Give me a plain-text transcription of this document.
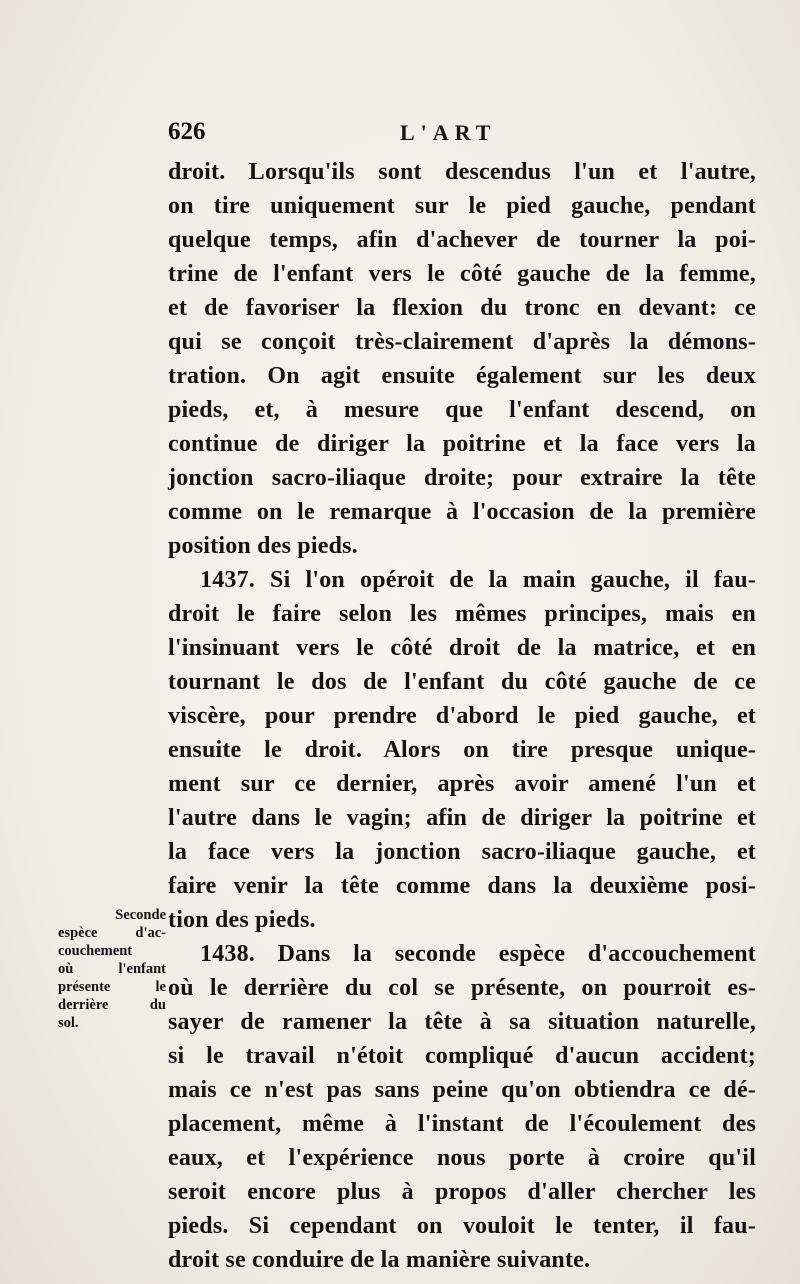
626	L'ART
droit. Lorsqu'ils sont descendus l'un et l'autre,
on tire uniquement sur le pied gauche, pendant
quelque temps, afin d'achever de tourner la poi-
trine de l'enfant vers le côté gauche de la femme,
et de favoriser la flexion du tronc en devant: ce
qui se conçoit très-clairement d'après la démons-
tration. On agit ensuite également sur les deux
pieds, et, à mesure que l'enfant descend, on
continue de diriger la poitrine et la face vers la
jonction sacro-iliaque droite; pour extraire la tête
comme on le remarque à l'occasion de la première
position des pieds.
1437. Si l'on opéroit de la main gauche, il fau-
droit le faire selon les mêmes principes, mais en
l'insinuant vers le côté droit de la matrice, et en
tournant le dos de l'enfant du côté gauche de ce
viscère, pour prendre d'abord le pied gauche, et
ensuite le droit. Alors on tire presque unique-
ment sur ce dernier, après avoir amené l'un et
l'autre dans le vagin; afin de diriger la poitrine et
la face vers la jonction sacro-iliaque gauche, et
faire venir la tête comme dans la deuxième posi-
tion des pieds.
1438. Dans la seconde espèce d'accouchement
où le derrière du col se présente, on pourroit es-
sayer de ramener la tête à sa situation naturelle,
si le travail n'étoit compliqué d'aucun accident;
mais ce n'est pas sans peine qu'on obtiendra ce dé-
placement, même à l'instant de l'écoulement des
eaux, et l'expérience nous porte à croire qu'il
seroit encore plus à propos d'aller chercher les
pieds. Si cependant on vouloit le tenter, il fau-
droit se conduire de la manière suivante.
Seconde
espèce d'ac-
couchement
où l'enfant
présente le
derrière du
sol.
